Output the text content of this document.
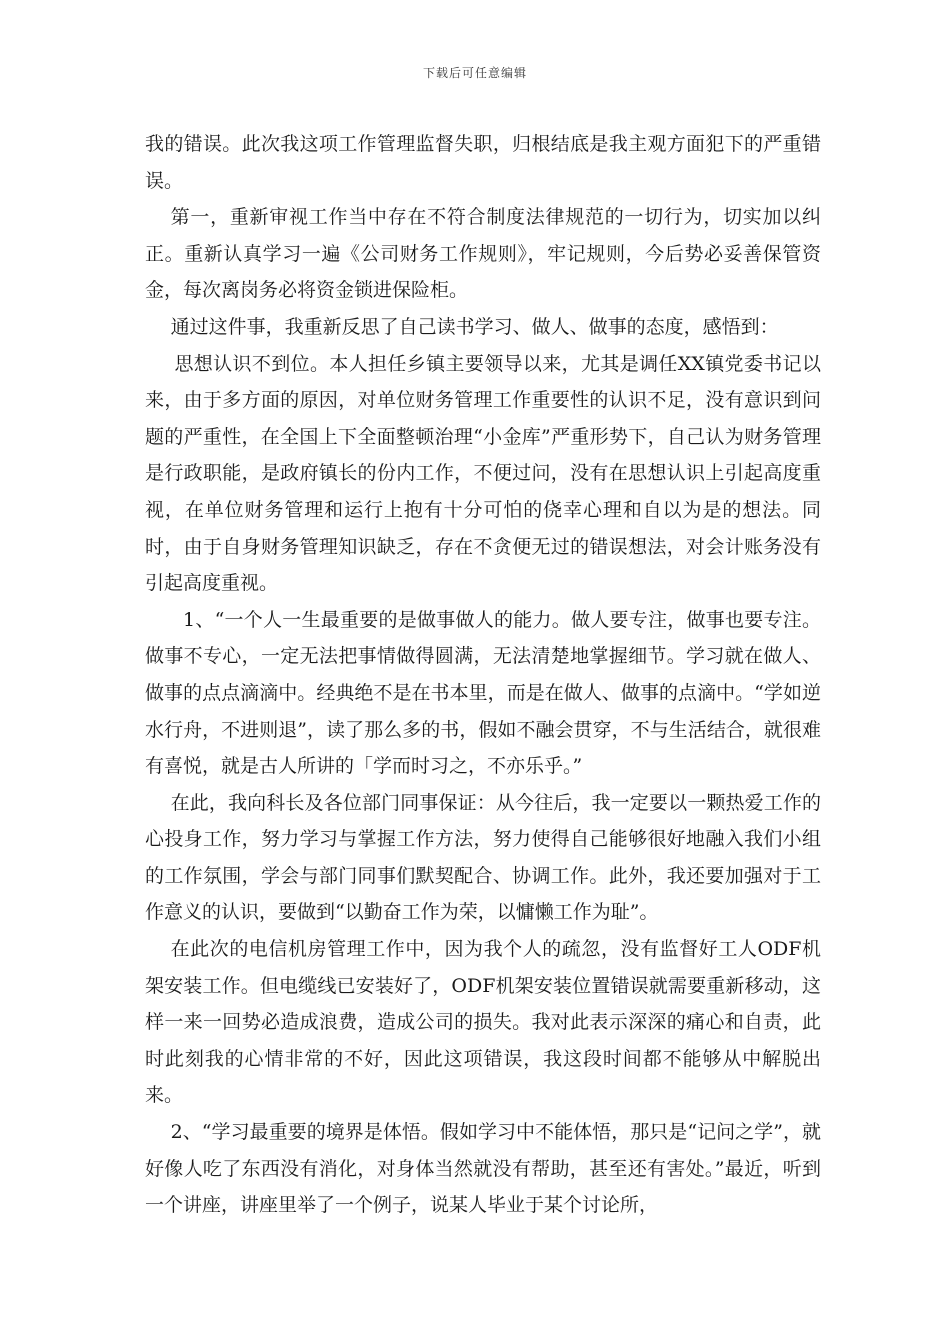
下载后可任意编辑

我的错误。此次我这项工作管理监督失职，归根结底是我主观方面犯下的严重错误。

第一，重新审视工作当中存在不符合制度法律规范的一切行为，切实加以纠正。重新认真学习一遍《公司财务工作规则》，牢记规则，今后势必妥善保管资金，每次离岗务必将资金锁进保险柜。

通过这件事，我重新反思了自己读书学习、做人、做事的态度，感悟到：

思想认识不到位。本人担任乡镇主要领导以来，尤其是调任XX镇党委书记以来，由于多方面的原因，对单位财务管理工作重要性的认识不足，没有意识到问题的严重性，在全国上下全面整顿治理“小金库”严重形势下，自己认为财务管理是行政职能，是政府镇长的份内工作，不便过问，没有在思想认识上引起高度重视，在单位财务管理和运行上抱有十分可怕的侥幸心理和自以为是的想法。同时，由于自身财务管理知识缺乏，存在不贪便无过的错误想法，对会计账务没有引起高度重视。

1、“一个人一生最重要的是做事做人的能力。做人要专注，做事也要专注。做事不专心，一定无法把事情做得圆满，无法清楚地掌握细节。学习就在做人、做事的点点滴滴中。经典绝不是在书本里，而是在做人、做事的点滴中。“学如逆水行舟，不进则退”，读了那么多的书，假如不融会贯穿，不与生活结合，就很难有喜悦，就是古人所讲的「学而时习之，不亦乐乎。”

在此，我向科长及各位部门同事保证：从今往后，我一定要以一颗热爱工作的心投身工作，努力学习与掌握工作方法，努力使得自己能够很好地融入我们小组的工作氛围，学会与部门同事们默契配合、协调工作。此外，我还要加强对于工作意义的认识，要做到“以勤奋工作为荣，以慵懒工作为耻”。

在此次的电信机房管理工作中，因为我个人的疏忽，没有监督好工人ODF机架安装工作。但电缆线已安装好了，ODF机架安装位置错误就需要重新移动，这样一来一回势必造成浪费，造成公司的损失。我对此表示深深的痛心和自责，此时此刻我的心情非常的不好，因此这项错误，我这段时间都不能够从中解脱出来。

2、“学习最重要的境界是体悟。假如学习中不能体悟，那只是“记问之学”，就好像人吃了东西没有消化，对身体当然就没有帮助，甚至还有害处。”最近，听到一个讲座，讲座里举了一个例子，说某人毕业于某个讨论所，
